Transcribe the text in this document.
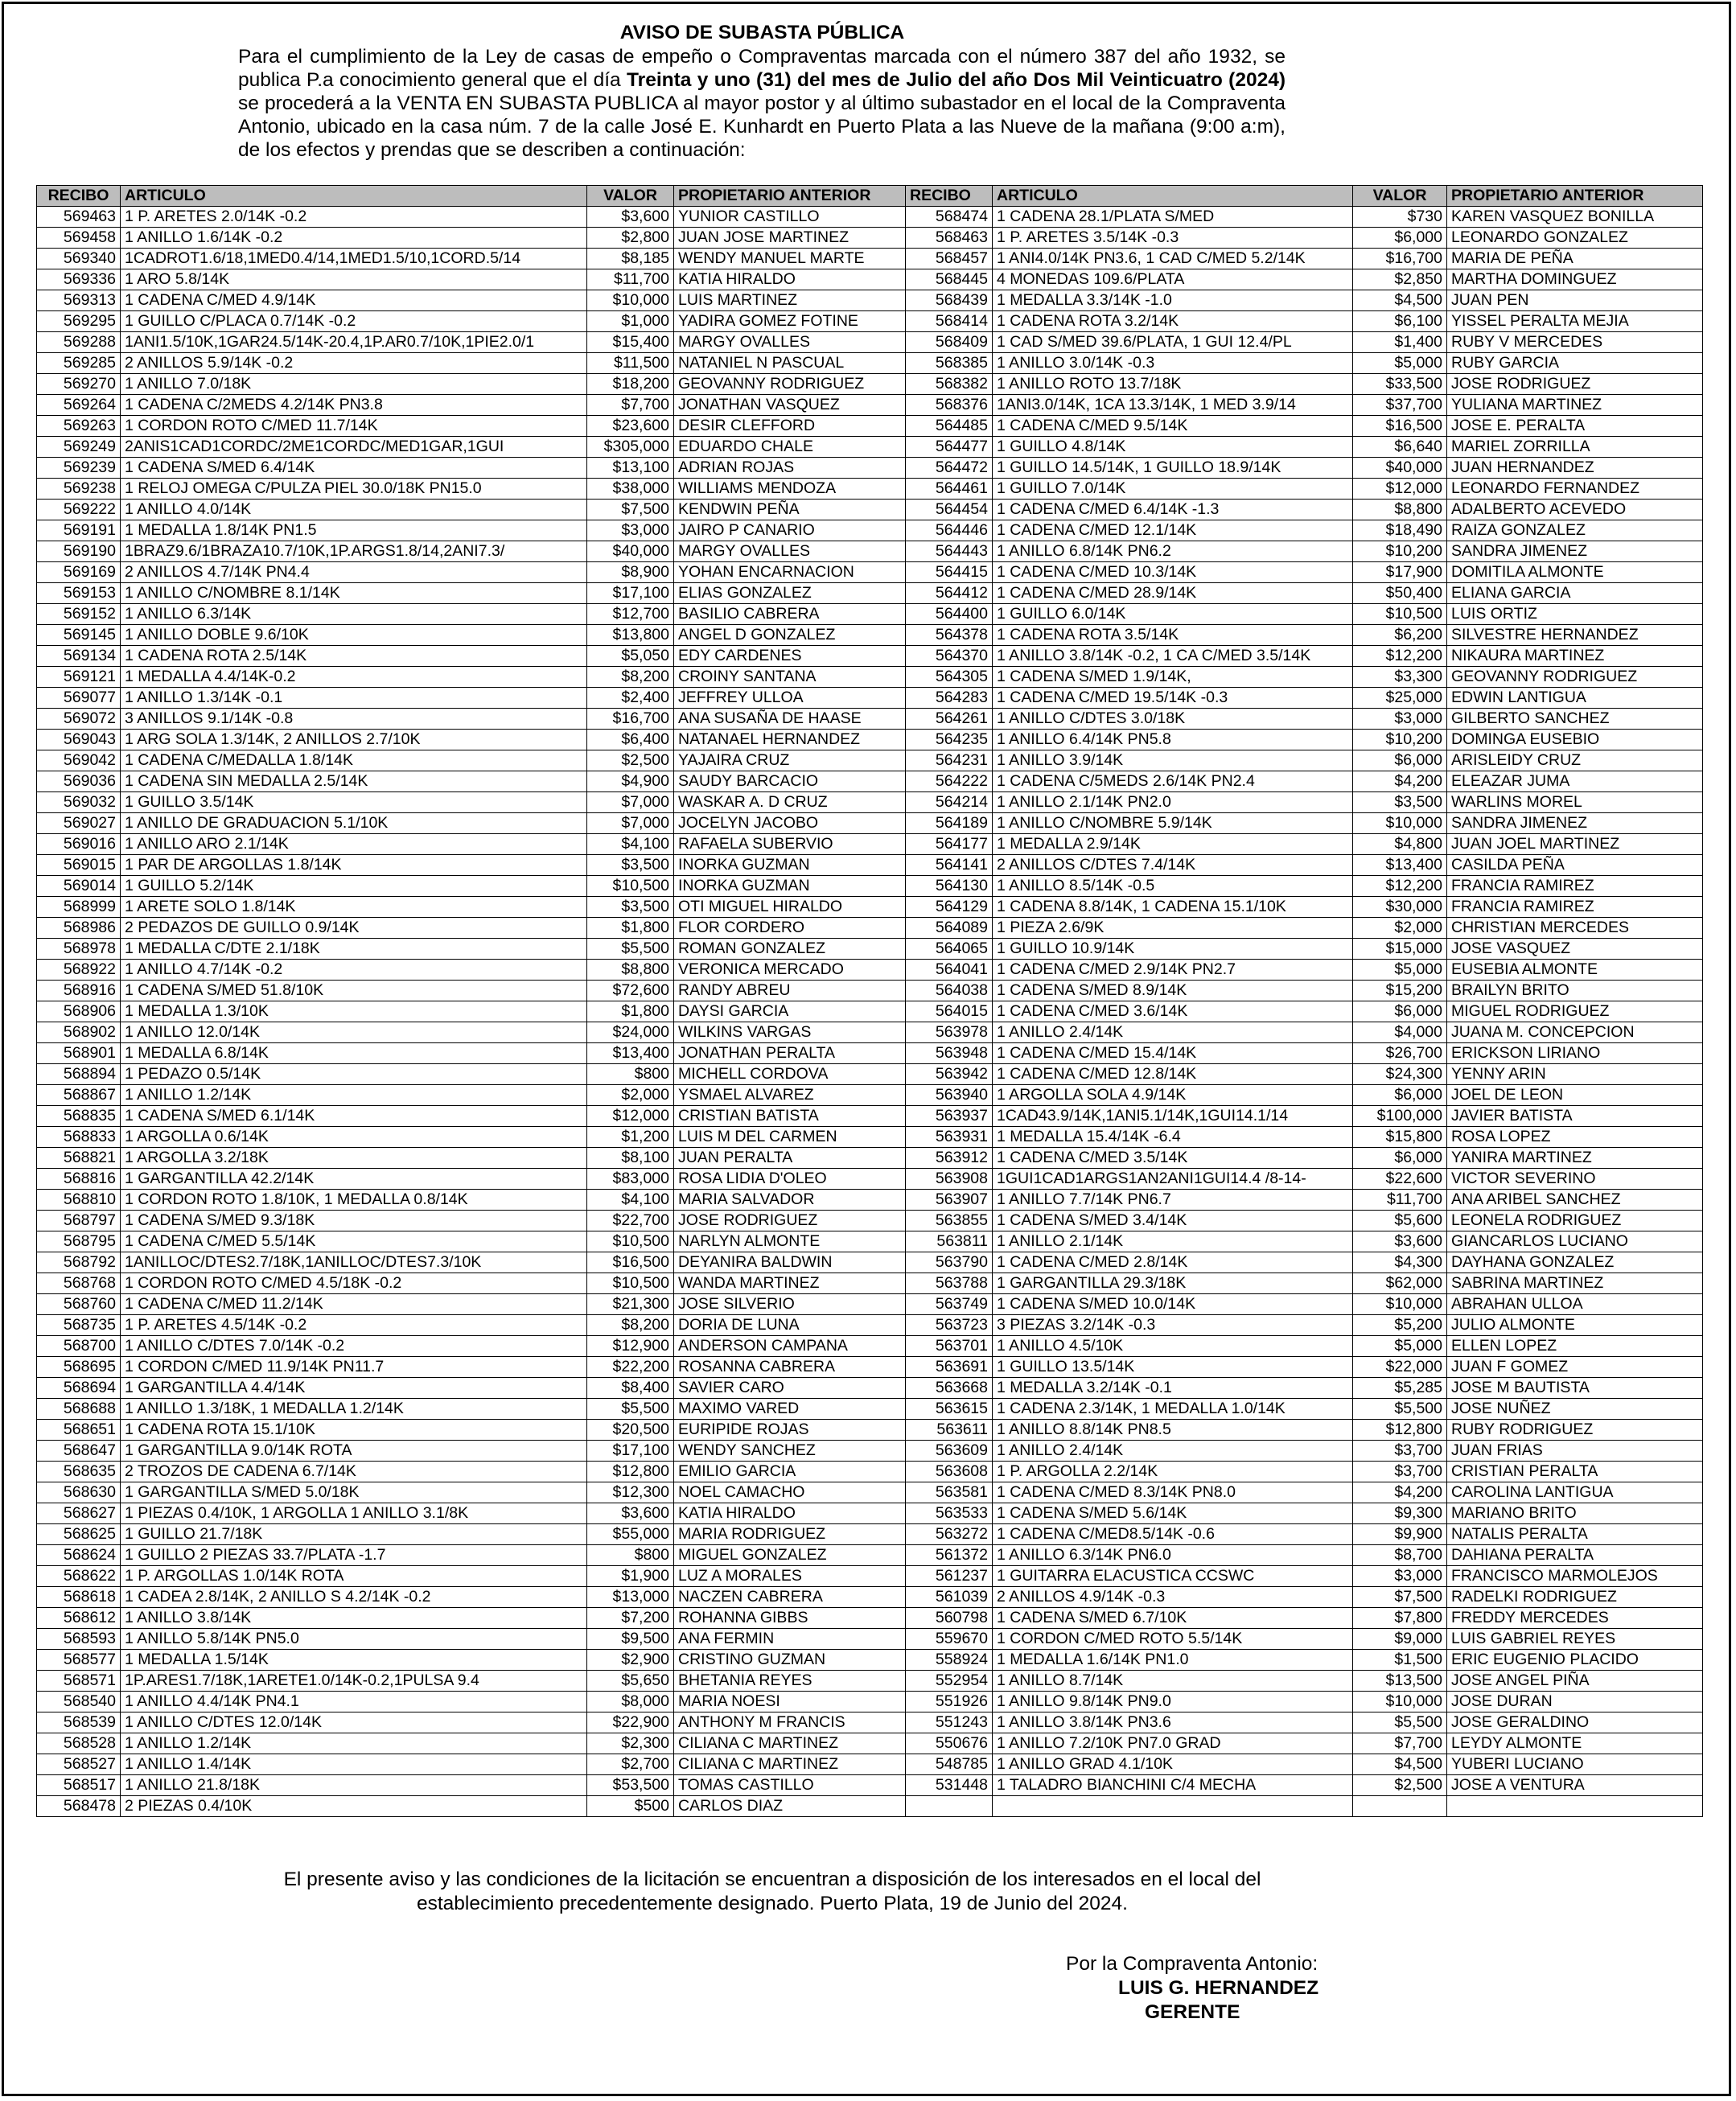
AVISO DE SUBASTA PÚBLICA
Para el cumplimiento de la Ley de casas de empeño o Compraventas marcada con el número 387 del año 1932, se publica P.a conocimiento general que el día Treinta y uno (31) del mes de Julio del año Dos Mil Veinticuatro (2024) se procederá a la VENTA EN SUBASTA PUBLICA al mayor postor y al último subastador en el local de la Compraventa Antonio, ubicado en la casa núm. 7 de la calle José E. Kunhardt en Puerto Plata a las Nueve de la mañana (9:00 a:m), de los efectos y prendas que se describen a continuación:
RECIBO	ARTICULO	VALOR	PROPIETARIO ANTERIOR	RECIBO	ARTICULO	VALOR	PROPIETARIO ANTERIOR
569463	1 P. ARETES 2.0/14K -0.2	$3,600	YUNIOR CASTILLO	568474	1 CADENA 28.1/PLATA S/MED	$730	KAREN VASQUEZ BONILLA
569458	1 ANILLO 1.6/14K -0.2	$2,800	JUAN JOSE MARTINEZ	568463	1 P. ARETES 3.5/14K -0.3	$6,000	LEONARDO GONZALEZ
569340	1CADROT1.6/18,1MED0.4/14,1MED1.5/10,1CORD.5/14	$8,185	WENDY MANUEL MARTE	568457	1 ANI4.0/14K PN3.6, 1 CAD C/MED 5.2/14K	$16,700	MARIA DE PEÑA
569336	1 ARO 5.8/14K	$11,700	KATIA HIRALDO	568445	4 MONEDAS 109.6/PLATA	$2,850	MARTHA DOMINGUEZ
569313	1 CADENA C/MED 4.9/14K	$10,000	LUIS MARTINEZ	568439	1 MEDALLA 3.3/14K -1.0	$4,500	JUAN PEN
569295	1 GUILLO C/PLACA 0.7/14K -0.2	$1,000	YADIRA GOMEZ FOTINE	568414	1 CADENA ROTA 3.2/14K	$6,100	YISSEL PERALTA MEJIA
569288	1ANI1.5/10K,1GAR24.5/14K-20.4,1P.AR0.7/10K,1PIE2.0/1	$15,400	MARGY OVALLES	568409	1 CAD S/MED 39.6/PLATA, 1 GUI 12.4/PL	$1,400	RUBY V MERCEDES
569285	2 ANILLOS 5.9/14K -0.2	$11,500	NATANIEL N PASCUAL	568385	1 ANILLO 3.0/14K -0.3	$5,000	RUBY GARCIA
569270	1 ANILLO 7.0/18K	$18,200	GEOVANNY RODRIGUEZ	568382	1 ANILLO ROTO 13.7/18K	$33,500	JOSE RODRIGUEZ
569264	1 CADENA C/2MEDS 4.2/14K PN3.8	$7,700	JONATHAN VASQUEZ	568376	1ANI3.0/14K, 1CA 13.3/14K, 1 MED 3.9/14	$37,700	YULIANA MARTINEZ
569263	1 CORDON ROTO C/MED 11.7/14K	$23,600	DESIR CLEFFORD	564485	1 CADENA C/MED 9.5/14K	$16,500	JOSE E. PERALTA
569249	2ANIS1CAD1CORDC/2ME1CORDC/MED1GAR,1GUI	$305,000	EDUARDO CHALE	564477	1 GUILLO 4.8/14K	$6,640	MARIEL ZORRILLA
569239	1 CADENA S/MED 6.4/14K	$13,100	ADRIAN ROJAS	564472	1 GUILLO 14.5/14K, 1 GUILLO 18.9/14K	$40,000	JUAN HERNANDEZ
569238	1 RELOJ OMEGA C/PULZA PIEL 30.0/18K PN15.0	$38,000	WILLIAMS MENDOZA	564461	1 GUILLO 7.0/14K	$12,000	LEONARDO FERNANDEZ
569222	1 ANILLO 4.0/14K	$7,500	KENDWIN PEÑA	564454	1 CADENA C/MED 6.4/14K -1.3	$8,800	ADALBERTO ACEVEDO
569191	1 MEDALLA 1.8/14K PN1.5	$3,000	JAIRO P CANARIO	564446	1 CADENA C/MED 12.1/14K	$18,490	RAIZA GONZALEZ
569190	1BRAZ9.6/1BRAZA10.7/10K,1P.ARGS1.8/14,2ANI7.3/	$40,000	MARGY OVALLES	564443	1 ANILLO 6.8/14K PN6.2	$10,200	SANDRA JIMENEZ
569169	2 ANILLOS 4.7/14K PN4.4	$8,900	YOHAN ENCARNACION	564415	1 CADENA C/MED 10.3/14K	$17,900	DOMITILA ALMONTE
569153	1 ANILLO C/NOMBRE 8.1/14K	$17,100	ELIAS GONZALEZ	564412	1 CADENA C/MED 28.9/14K	$50,400	ELIANA GARCIA
569152	1 ANILLO 6.3/14K	$12,700	BASILIO CABRERA	564400	1 GUILLO 6.0/14K	$10,500	LUIS ORTIZ
569145	1 ANILLO DOBLE 9.6/10K	$13,800	ANGEL D GONZALEZ	564378	1 CADENA ROTA 3.5/14K	$6,200	SILVESTRE HERNANDEZ
569134	1 CADENA ROTA 2.5/14K	$5,050	EDY CARDENES	564370	1 ANILLO 3.8/14K -0.2, 1 CA C/MED 3.5/14K	$12,200	NIKAURA MARTINEZ
569121	1 MEDALLA 4.4/14K-0.2	$8,200	CROINY SANTANA	564305	1 CADENA S/MED 1.9/14K,	$3,300	GEOVANNY RODRIGUEZ
569077	1 ANILLO 1.3/14K -0.1	$2,400	JEFFREY ULLOA	564283	1 CADENA C/MED 19.5/14K -0.3	$25,000	EDWIN LANTIGUA
569072	3 ANILLOS 9.1/14K -0.8	$16,700	ANA SUSAÑA DE HAASE	564261	1 ANILLO C/DTES 3.0/18K	$3,000	GILBERTO SANCHEZ
569043	1 ARG SOLA 1.3/14K, 2 ANILLOS 2.7/10K	$6,400	NATANAEL HERNANDEZ	564235	1 ANILLO 6.4/14K PN5.8	$10,200	DOMINGA EUSEBIO
569042	1 CADENA C/MEDALLA 1.8/14K	$2,500	YAJAIRA CRUZ	564231	1 ANILLO 3.9/14K	$6,000	ARISLEIDY CRUZ
569036	1 CADENA SIN MEDALLA 2.5/14K	$4,900	SAUDY BARCACIO	564222	1 CADENA C/5MEDS 2.6/14K PN2.4	$4,200	ELEAZAR JUMA
569032	1 GUILLO 3.5/14K	$7,000	WASKAR A. D CRUZ	564214	1 ANILLO 2.1/14K PN2.0	$3,500	WARLINS MOREL
569027	1 ANILLO DE GRADUACION 5.1/10K	$7,000	JOCELYN JACOBO	564189	1 ANILLO C/NOMBRE 5.9/14K	$10,000	SANDRA JIMENEZ
569016	1 ANILLO ARO 2.1/14K	$4,100	RAFAELA SUBERVIO	564177	1 MEDALLA 2.9/14K	$4,800	JUAN JOEL MARTINEZ
569015	1 PAR DE ARGOLLAS 1.8/14K	$3,500	INORKA GUZMAN	564141	2 ANILLOS C/DTES 7.4/14K	$13,400	CASILDA PEÑA
569014	1 GUILLO 5.2/14K	$10,500	INORKA GUZMAN	564130	1 ANILLO 8.5/14K -0.5	$12,200	FRANCIA RAMIREZ
568999	1 ARETE SOLO 1.8/14K	$3,500	OTI MIGUEL HIRALDO	564129	1 CADENA 8.8/14K, 1 CADENA 15.1/10K	$30,000	FRANCIA RAMIREZ
568986	2 PEDAZOS DE GUILLO 0.9/14K	$1,800	FLOR CORDERO	564089	1 PIEZA 2.6/9K	$2,000	CHRISTIAN MERCEDES
568978	1 MEDALLA C/DTE 2.1/18K	$5,500	ROMAN GONZALEZ	564065	1 GUILLO 10.9/14K	$15,000	JOSE VASQUEZ
568922	1 ANILLO 4.7/14K -0.2	$8,800	VERONICA MERCADO	564041	1 CADENA C/MED 2.9/14K PN2.7	$5,000	EUSEBIA ALMONTE
568916	1 CADENA S/MED 51.8/10K	$72,600	RANDY ABREU	564038	1 CADENA S/MED 8.9/14K	$15,200	BRAILYN BRITO
568906	1 MEDALLA 1.3/10K	$1,800	DAYSI GARCIA	564015	1 CADENA C/MED 3.6/14K	$6,000	MIGUEL RODRIGUEZ
568902	1 ANILLO 12.0/14K	$24,000	WILKINS VARGAS	563978	1 ANILLO 2.4/14K	$4,000	JUANA M. CONCEPCION
568901	1 MEDALLA 6.8/14K	$13,400	JONATHAN PERALTA	563948	1 CADENA C/MED 15.4/14K	$26,700	ERICKSON LIRIANO
568894	1 PEDAZO 0.5/14K	$800	MICHELL CORDOVA	563942	1 CADENA C/MED 12.8/14K	$24,300	YENNY ARIN
568867	1 ANILLO 1.2/14K	$2,000	YSMAEL ALVAREZ	563940	1 ARGOLLA SOLA 4.9/14K	$6,000	JOEL DE LEON
568835	1 CADENA S/MED 6.1/14K	$12,000	CRISTIAN BATISTA	563937	1CAD43.9/14K,1ANI5.1/14K,1GUI14.1/14	$100,000	JAVIER BATISTA
568833	1 ARGOLLA 0.6/14K	$1,200	LUIS M DEL CARMEN	563931	1 MEDALLA 15.4/14K -6.4	$15,800	ROSA LOPEZ
568821	1 ARGOLLA 3.2/18K	$8,100	JUAN PERALTA	563912	1 CADENA C/MED 3.5/14K	$6,000	YANIRA MARTINEZ
568816	1 GARGANTILLA 42.2/14K	$83,000	ROSA LIDIA D'OLEO	563908	1GUI1CAD1ARGS1AN2ANI1GUI14.4 /8-14-	$22,600	VICTOR SEVERINO
568810	1 CORDON ROTO 1.8/10K, 1 MEDALLA 0.8/14K	$4,100	MARIA SALVADOR	563907	1 ANILLO 7.7/14K PN6.7	$11,700	ANA ARIBEL SANCHEZ
568797	1 CADENA S/MED 9.3/18K	$22,700	JOSE RODRIGUEZ	563855	1 CADENA S/MED 3.4/14K	$5,600	LEONELA RODRIGUEZ
568795	1 CADENA C/MED 5.5/14K	$10,500	NARLYN ALMONTE	563811	1 ANILLO 2.1/14K	$3,600	GIANCARLOS LUCIANO
568792	1ANILLOC/DTES2.7/18K,1ANILLOC/DTES7.3/10K	$16,500	DEYANIRA BALDWIN	563790	1 CADENA C/MED 2.8/14K	$4,300	DAYHANA GONZALEZ
568768	1 CORDON ROTO C/MED 4.5/18K -0.2	$10,500	WANDA MARTINEZ	563788	1 GARGANTILLA 29.3/18K	$62,000	SABRINA MARTINEZ
568760	1 CADENA C/MED 11.2/14K	$21,300	JOSE SILVERIO	563749	1 CADENA S/MED 10.0/14K	$10,000	ABRAHAN ULLOA
568735	1 P. ARETES 4.5/14K -0.2	$8,200	DORIA DE LUNA	563723	3 PIEZAS 3.2/14K -0.3	$5,200	JULIO ALMONTE
568700	1 ANILLO C/DTES 7.0/14K -0.2	$12,900	ANDERSON CAMPANA	563701	1 ANILLO 4.5/10K	$5,000	ELLEN LOPEZ
568695	1 CORDON C/MED 11.9/14K PN11.7	$22,200	ROSANNA CABRERA	563691	1 GUILLO 13.5/14K	$22,000	JUAN F GOMEZ
568694	1 GARGANTILLA 4.4/14K	$8,400	SAVIER CARO	563668	1 MEDALLA 3.2/14K -0.1	$5,285	JOSE M BAUTISTA
568688	1 ANILLO 1.3/18K, 1 MEDALLA 1.2/14K	$5,500	MAXIMO VARED	563615	1 CADENA 2.3/14K, 1 MEDALLA 1.0/14K	$5,500	JOSE NUÑEZ
568651	1 CADENA ROTA 15.1/10K	$20,500	EURIPIDE ROJAS	563611	1 ANILLO 8.8/14K PN8.5	$12,800	RUBY RODRIGUEZ
568647	1 GARGANTILLA 9.0/14K ROTA	$17,100	WENDY SANCHEZ	563609	1 ANILLO 2.4/14K	$3,700	JUAN FRIAS
568635	2 TROZOS DE CADENA 6.7/14K	$12,800	EMILIO GARCIA	563608	1 P. ARGOLLA 2.2/14K	$3,700	CRISTIAN PERALTA
568630	1 GARGANTILLA S/MED 5.0/18K	$12,300	NOEL CAMACHO	563581	1 CADENA C/MED 8.3/14K PN8.0	$4,200	CAROLINA LANTIGUA
568627	1 PIEZAS 0.4/10K, 1 ARGOLLA 1 ANILLO 3.1/8K	$3,600	KATIA HIRALDO	563533	1 CADENA S/MED 5.6/14K	$9,300	MARIANO BRITO
568625	1 GUILLO 21.7/18K	$55,000	MARIA RODRIGUEZ	563272	1 CADENA C/MED8.5/14K -0.6	$9,900	NATALIS PERALTA
568624	1 GUILLO 2 PIEZAS 33.7/PLATA -1.7	$800	MIGUEL GONZALEZ	561372	1 ANILLO 6.3/14K PN6.0	$8,700	DAHIANA PERALTA
568622	1 P. ARGOLLAS 1.0/14K ROTA	$1,900	LUZ A MORALES	561237	1 GUITARRA ELACUSTICA CCSWC	$3,000	FRANCISCO MARMOLEJOS
568618	1 CADEA 2.8/14K, 2 ANILLO S 4.2/14K -0.2	$13,000	NACZEN CABRERA	561039	2 ANILLOS 4.9/14K -0.3	$7,500	RADELKI RODRIGUEZ
568612	1 ANILLO 3.8/14K	$7,200	ROHANNA GIBBS	560798	1 CADENA S/MED 6.7/10K	$7,800	FREDDY MERCEDES
568593	1 ANILLO 5.8/14K PN5.0	$9,500	ANA FERMIN	559670	1 CORDON C/MED ROTO 5.5/14K	$9,000	LUIS GABRIEL REYES
568577	1 MEDALLA 1.5/14K	$2,900	CRISTINO GUZMAN	558924	1 MEDALLA 1.6/14K PN1.0	$1,500	ERIC EUGENIO PLACIDO
568571	1P.ARES1.7/18K,1ARETE1.0/14K-0.2,1PULSA 9.4	$5,650	BHETANIA REYES	552954	1 ANILLO 8.7/14K	$13,500	JOSE ANGEL PIÑA
568540	1 ANILLO 4.4/14K PN4.1	$8,000	MARIA NOESI	551926	1 ANILLO 9.8/14K PN9.0	$10,000	JOSE DURAN
568539	1 ANILLO C/DTES 12.0/14K	$22,900	ANTHONY M FRANCIS	551243	1 ANILLO 3.8/14K PN3.6	$5,500	JOSE GERALDINO
568528	1 ANILLO 1.2/14K	$2,300	CILIANA C MARTINEZ	550676	1 ANILLO 7.2/10K PN7.0 GRAD	$7,700	LEYDY ALMONTE
568527	1 ANILLO 1.4/14K	$2,700	CILIANA C MARTINEZ	548785	1 ANILLO GRAD 4.1/10K	$4,500	YUBERI LUCIANO
568517	1 ANILLO 21.8/18K	$53,500	TOMAS CASTILLO	531448	1 TALADRO BIANCHINI C/4 MECHA	$2,500	JOSE A VENTURA
568478	2 PIEZAS 0.4/10K	$500	CARLOS DIAZ				
El presente aviso y las condiciones de la licitación se encuentran a disposición de los interesados en el local del establecimiento precedentemente designado. Puerto Plata, 19 de Junio del 2024.
Por la Compraventa Antonio:
LUIS G. HERNANDEZ
GERENTE
